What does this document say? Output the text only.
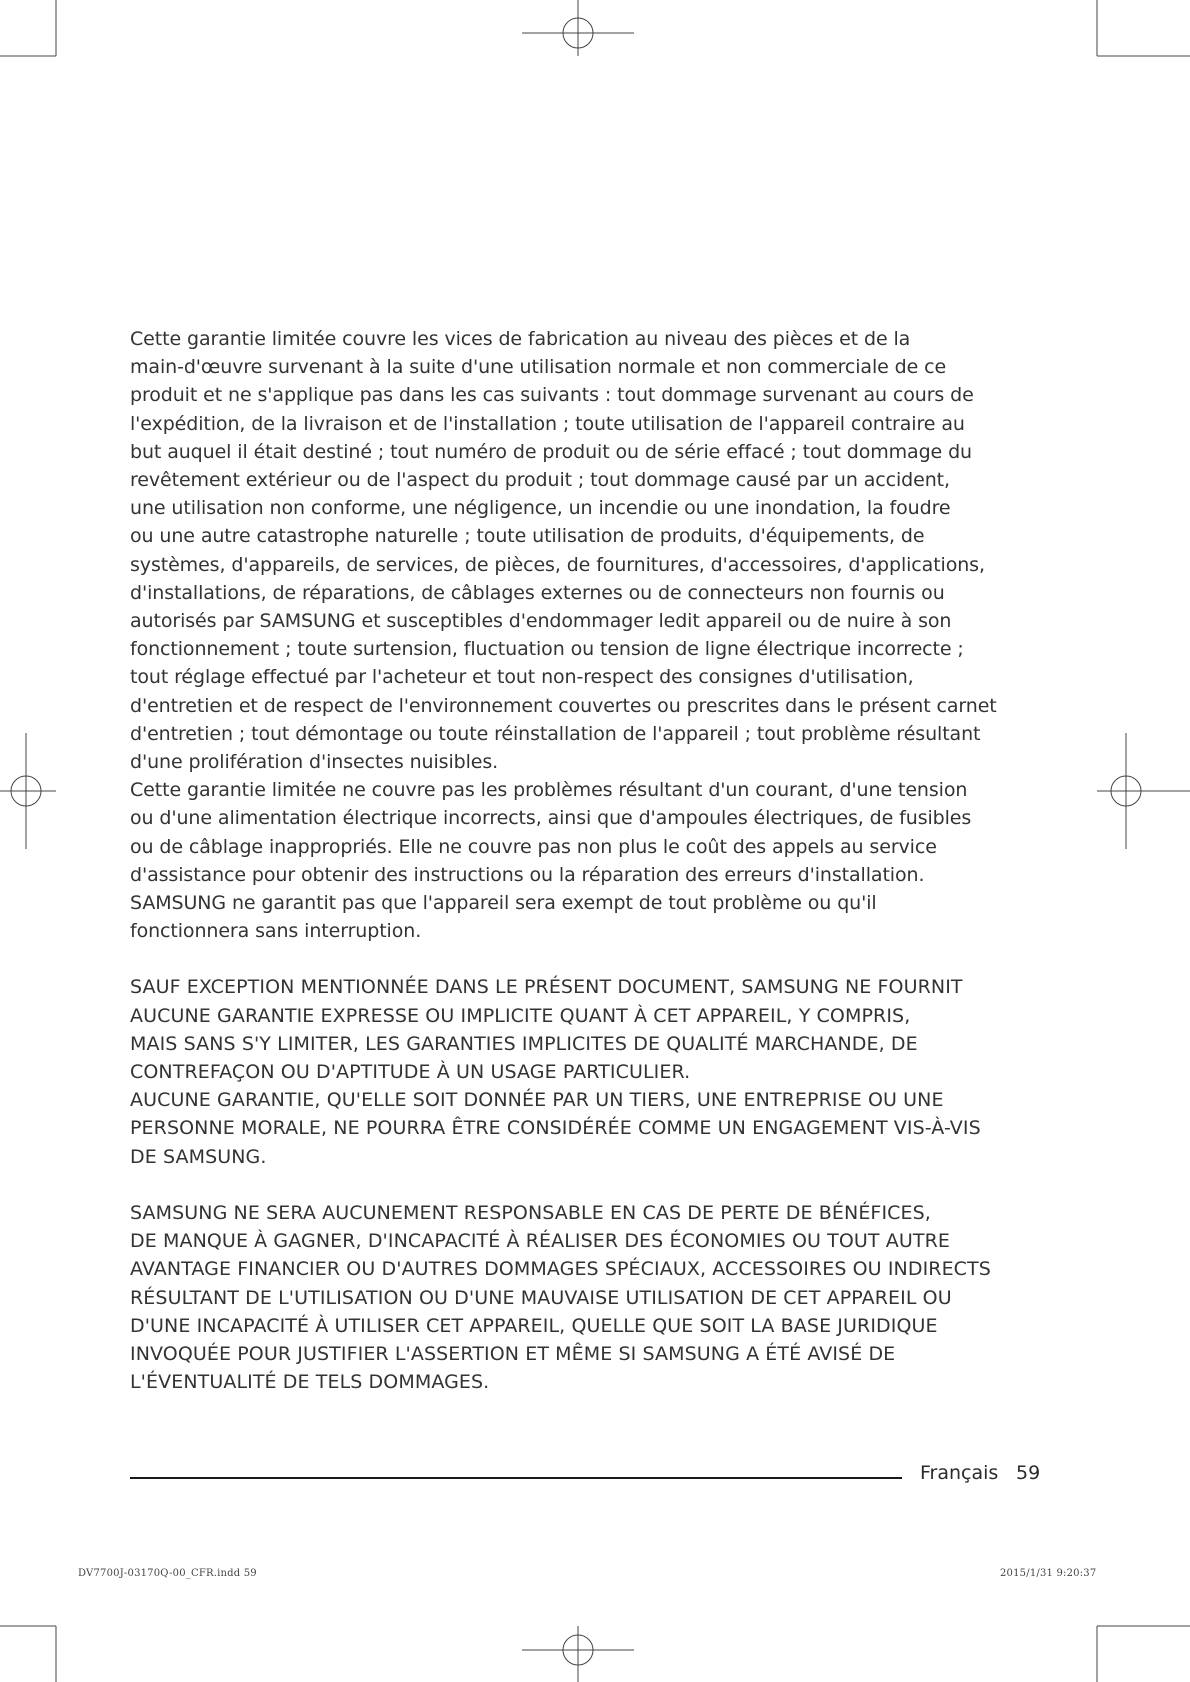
Cette garantie limitée couvre les vices de fabrication au niveau des pièces et de la
main-d'œuvre survenant à la suite d'une utilisation normale et non commerciale de ce
produit et ne s'applique pas dans les cas suivants : tout dommage survenant au cours de
l'expédition, de la livraison et de l'installation ; toute utilisation de l'appareil contraire au
but auquel il était destiné ; tout numéro de produit ou de série effacé ; tout dommage du
revêtement extérieur ou de l'aspect du produit ; tout dommage causé par un accident,
une utilisation non conforme, une négligence, un incendie ou une inondation, la foudre
ou une autre catastrophe naturelle ; toute utilisation de produits, d'équipements, de
systèmes, d'appareils, de services, de pièces, de fournitures, d'accessoires, d'applications,
d'installations, de réparations, de câblages externes ou de connecteurs non fournis ou
autorisés par SAMSUNG et susceptibles d'endommager ledit appareil ou de nuire à son
fonctionnement ; toute surtension, fluctuation ou tension de ligne électrique incorrecte ;
tout réglage effectué par l'acheteur et tout non-respect des consignes d'utilisation,
d'entretien et de respect de l'environnement couvertes ou prescrites dans le présent carnet
d'entretien ; tout démontage ou toute réinstallation de l'appareil ; tout problème résultant
d'une prolifération d'insectes nuisibles.
Cette garantie limitée ne couvre pas les problèmes résultant d'un courant, d'une tension
ou d'une alimentation électrique incorrects, ainsi que d'ampoules électriques, de fusibles
ou de câblage inappropriés. Elle ne couvre pas non plus le coût des appels au service
d'assistance pour obtenir des instructions ou la réparation des erreurs d'installation.
SAMSUNG ne garantit pas que l'appareil sera exempt de tout problème ou qu'il
fonctionnera sans interruption.
SAUF EXCEPTION MENTIONNÉE DANS LE PRÉSENT DOCUMENT, SAMSUNG NE FOURNIT
AUCUNE GARANTIE EXPRESSE OU IMPLICITE QUANT À CET APPAREIL, Y COMPRIS,
MAIS SANS S'Y LIMITER, LES GARANTIES IMPLICITES DE QUALITÉ MARCHANDE, DE
CONTREFAÇON OU D'APTITUDE À UN USAGE PARTICULIER.
AUCUNE GARANTIE, QU'ELLE SOIT DONNÉE PAR UN TIERS, UNE ENTREPRISE OU UNE
PERSONNE MORALE, NE POURRA ÊTRE CONSIDÉRÉE COMME UN ENGAGEMENT VIS-À-VIS
DE SAMSUNG.
SAMSUNG NE SERA AUCUNEMENT RESPONSABLE EN CAS DE PERTE DE BÉNÉFICES,
DE MANQUE À GAGNER, D'INCAPACITÉ À RÉALISER DES ÉCONOMIES OU TOUT AUTRE
AVANTAGE FINANCIER OU D'AUTRES DOMMAGES SPÉCIAUX, ACCESSOIRES OU INDIRECTS
RÉSULTANT DE L'UTILISATION OU D'UNE MAUVAISE UTILISATION DE CET APPAREIL OU
D'UNE INCAPACITÉ À UTILISER CET APPAREIL, QUELLE QUE SOIT LA BASE JURIDIQUE
INVOQUÉE POUR JUSTIFIER L'ASSERTION ET MÊME SI SAMSUNG A ÉTÉ AVISÉ DE
L'ÉVENTUALITÉ DE TELS DOMMAGES.
Français 59
DV7700J-03170Q-00_CFR.indd 59	2015/1/31 9:20:37
